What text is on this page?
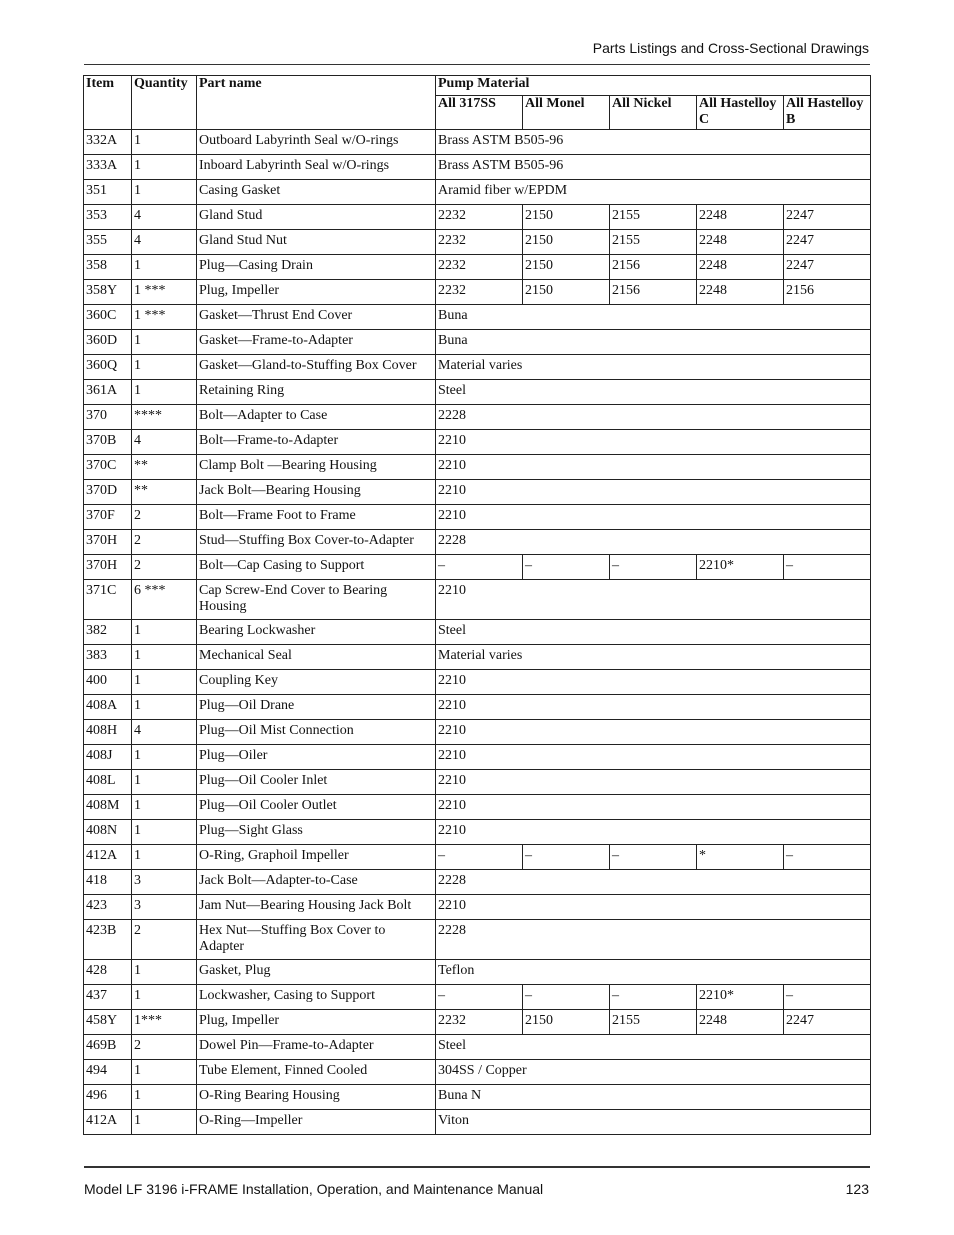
Parts Listings and Cross-Sectional Drawings
Item	Quantity	Part name	Pump Material				
			All 317SS	All Monel	All Nickel	All Hastelloy C	All Hastelloy B
332A	1	Outboard Labyrinth Seal w/O-rings	Brass ASTM B505-96				
333A	1	Inboard Labyrinth Seal w/O-rings	Brass ASTM B505-96				
351	1	Casing Gasket	Aramid fiber w/EPDM				
353	4	Gland Stud	2232	2150	2155	2248	2247
355	4	Gland Stud Nut	2232	2150	2155	2248	2247
358	1	Plug—Casing Drain	2232	2150	2156	2248	2247
358Y	1 ***	Plug, Impeller	2232	2150	2156	2248	2156
360C	1 ***	Gasket—Thrust End Cover	Buna				
360D	1	Gasket—Frame-to-Adapter	Buna				
360Q	1	Gasket—Gland-to-Stuffing Box Cover	Material varies				
361A	1	Retaining Ring	Steel				
370	****	Bolt—Adapter to Case	2228				
370B	4	Bolt—Frame-to-Adapter	2210				
370C	**	Clamp Bolt —Bearing Housing	2210				
370D	**	Jack Bolt—Bearing Housing	2210				
370F	2	Bolt—Frame Foot to Frame	2210				
370H	2	Stud—Stuffing Box Cover-to-Adapter	2228				
370H	2	Bolt—Cap Casing to Support	–	–	–	2210*	–
371C	6 ***	Cap Screw-End Cover to Bearing Housing	2210				
382	1	Bearing Lockwasher	Steel				
383	1	Mechanical Seal	Material varies				
400	1	Coupling Key	2210				
408A	1	Plug—Oil Drane	2210				
408H	4	Plug—Oil Mist Connection	2210				
408J	1	Plug—Oiler	2210				
408L	1	Plug—Oil Cooler Inlet	2210				
408M	1	Plug—Oil Cooler Outlet	2210				
408N	1	Plug—Sight Glass	2210				
412A	1	O-Ring, Graphoil Impeller	–	–	–	*	–
418	3	Jack Bolt—Adapter-to-Case	2228				
423	3	Jam Nut—Bearing Housing Jack Bolt	2210				
423B	2	Hex Nut—Stuffing Box Cover to Adapter	2228				
428	1	Gasket, Plug	Teflon				
437	1	Lockwasher, Casing to Support	–	–	–	2210*	–
458Y	1***	Plug, Impeller	2232	2150	2155	2248	2247
469B	2	Dowel Pin—Frame-to-Adapter	Steel				
494	1	Tube Element, Finned Cooled	304SS / Copper				
496	1	O-Ring Bearing Housing	Buna N				
412A	1	O-Ring—Impeller	Viton				
Model LF 3196 i-FRAME Installation, Operation, and Maintenance Manual	123
